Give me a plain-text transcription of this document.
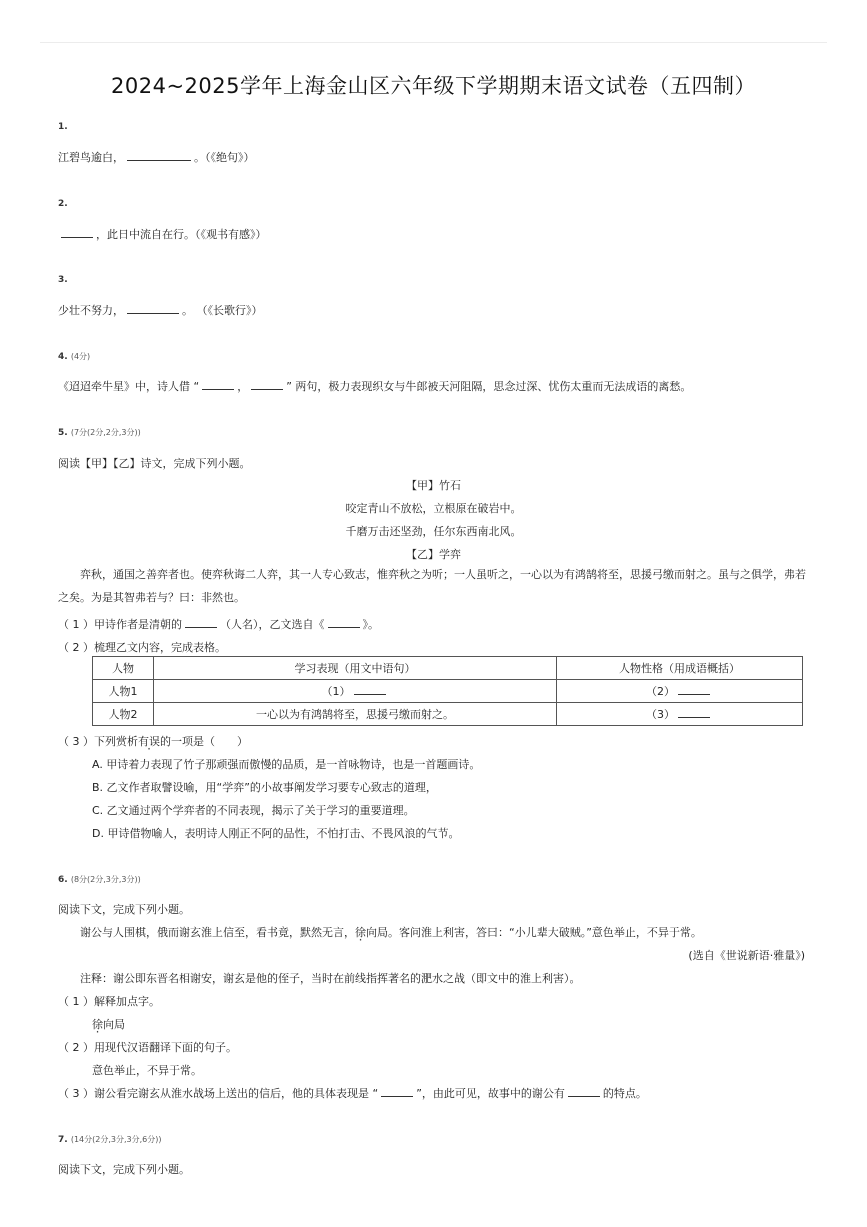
2024~2025学年上海金山区六年级下学期期末语文试卷（五四制）
1.
江碧鸟逾白，	。（《绝句》）
2.
，此日中流自在行。（《观书有感》）
3.
少壮不努力，	。 （《长歌行》）
4. (4分)
《迢迢牵牛星》中，诗人借 “	，	” 两句，极力表现织女与牛郎被天河阻隔，思念过深、忧伤太重而无法成语的离愁。
5. (7分(2分,2分,3分))
阅读【甲】【乙】诗文，完成下列小题。
【甲】竹石
咬定青山不放松，立根原在破岩中。
千磨万击还坚劲，任尔东西南北风。
【乙】学弈
弈秋，通国之善弈者也。使弈秋诲二人弈，其一人专心致志，惟弈秋之为听；一人虽听之，一心以为有鸿鹄将至，思援弓缴而射之。虽与之俱学，弗若之矣。为是其智弗若与？曰：非然也。
（ 1 ）甲诗作者是清朝的	（人名），乙文选自《	》。
（ 2 ）梳理乙文内容，完成表格。
人物	学习表现（用文中语句）	人物性格（用成语概括）
人物1	（1）	（2）
人物2	一心以为有鸿鹄将至，思援弓缴而射之。	（3）
（ 3 ）下列赏析有误的一项是（　　）
A. 甲诗着力表现了竹子那顽强而傲慢的品质，是一首咏物诗，也是一首题画诗。
B. 乙文作者取譬设喻，用“学弈”的小故事阐发学习要专心致志的道理，
C. 乙文通过两个学弈者的不同表现，揭示了关于学习的重要道理。
D. 甲诗借物喻人，表明诗人刚正不阿的品性，不怕打击、不畏风浪的气节。
6. (8分(2分,3分,3分))
阅读下文，完成下列小题。
谢公与人围棋，俄而谢玄淮上信至，看书竟，默然无言，徐向局。客问淮上利害，答曰：“小儿辈大破贼。”意色举止，不异于常。
(选自《世说新语·雅量》)
注释：谢公即东晋名相谢安，谢玄是他的侄子，当时在前线指挥著名的淝水之战（即文中的淮上利害）。
（ 1 ）解释加点字。
徐向局
（ 2 ）用现代汉语翻译下面的句子。
意色举止，不异于常。
（ 3 ）谢公看完谢玄从淮水战场上送出的信后，他的具体表现是 “	”，由此可见，故事中的谢公有	的特点。
7. (14分(2分,3分,3分,6分))
阅读下文，完成下列小题。
